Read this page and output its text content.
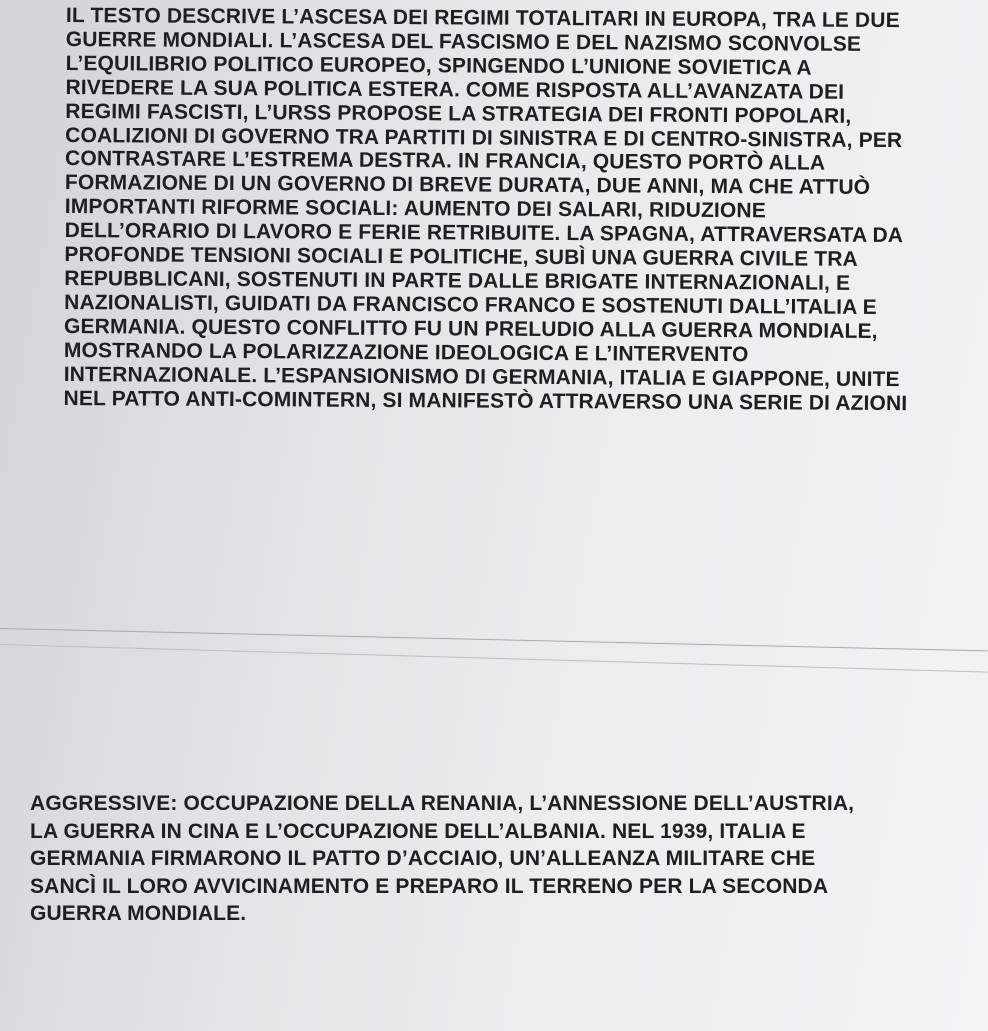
IL TESTO DESCRIVE L’ASCESA DEI REGIMI TOTALITARI IN EUROPA, TRA LE DUE
GUERRE MONDIALI. L’ASCESA DEL FASCISMO E DEL NAZISMO SCONVOLSE
L’EQUILIBRIO POLITICO EUROPEO, SPINGENDO L’UNIONE SOVIETICA A
RIVEDERE LA SUA POLITICA ESTERA. COME RISPOSTA ALL’AVANZATA DEI
REGIMI FASCISTI, L’URSS PROPOSE LA STRATEGIA DEI FRONTI POPOLARI,
COALIZIONI DI GOVERNO TRA PARTITI DI SINISTRA E DI CENTRO-SINISTRA, PER
CONTRASTARE L’ESTREMA DESTRA. IN FRANCIA, QUESTO PORTÒ ALLA
FORMAZIONE DI UN GOVERNO DI BREVE DURATA, DUE ANNI, MA CHE ATTUÒ
IMPORTANTI RIFORME SOCIALI: AUMENTO DEI SALARI, RIDUZIONE
DELL’ORARIO DI LAVORO E FERIE RETRIBUITE. LA SPAGNA, ATTRAVERSATA DA
PROFONDE TENSIONI SOCIALI E POLITICHE, SUBÌ UNA GUERRA CIVILE TRA
REPUBBLICANI, SOSTENUTI IN PARTE DALLE BRIGATE INTERNAZIONALI, E
NAZIONALISTI, GUIDATI DA FRANCISCO FRANCO E SOSTENUTI DALL’ITALIA E
GERMANIA. QUESTO CONFLITTO FU UN PRELUDIO ALLA GUERRA MONDIALE,
MOSTRANDO LA POLARIZZAZIONE IDEOLOGICA E L’INTERVENTO
INTERNAZIONALE. L’ESPANSIONISMO DI GERMANIA, ITALIA E GIAPPONE, UNITE
NEL PATTO ANTI-COMINTERN, SI MANIFESTÒ ATTRAVERSO UNA SERIE DI AZIONI
AGGRESSIVE: OCCUPAZIONE DELLA RENANIA, L’ANNESSIONE DELL’AUSTRIA,
LA GUERRA IN CINA E L’OCCUPAZIONE DELL’ALBANIA. NEL 1939, ITALIA E
GERMANIA FIRMARONO IL PATTO D’ACCIAIO, UN’ALLEANZA MILITARE CHE
SANCÌ IL LORO AVVICINAMENTO E PREPARO IL TERRENO PER LA SECONDA
GUERRA MONDIALE.
